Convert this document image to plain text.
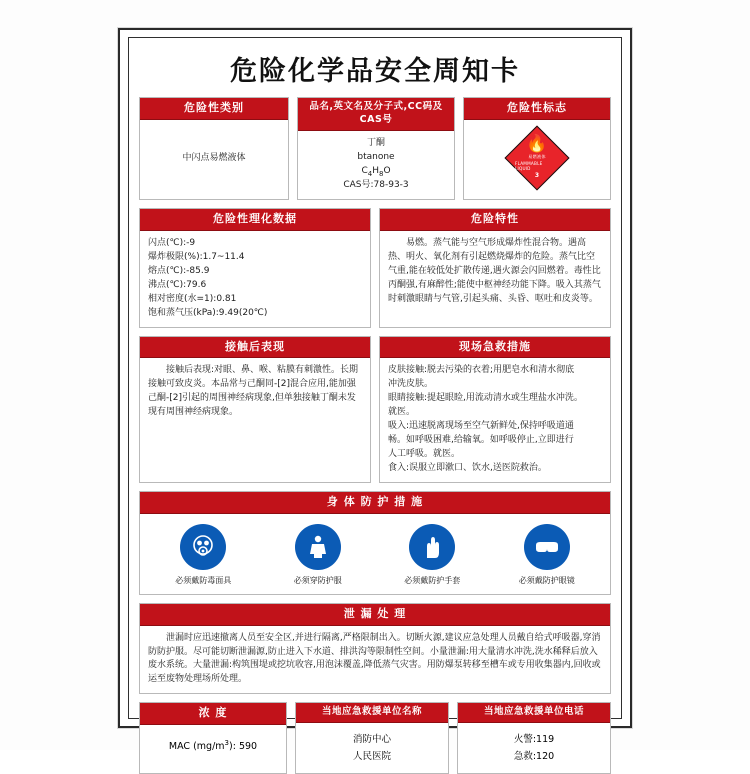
危险化学品安全周知卡
危险性类别
中闪点易燃液体
品名,英文名及分子式,CC码及CAS号
丁酮
btanone
$C_4H_8O$
CAS号:78-93-3
危险性标志
🔥
易燃液体
FLAMMABLE LIQUID
3
危险性理化数据
闪点(℃):-9
爆炸极限(%):1.7~11.4
熔点(℃):-85.9
沸点(℃):79.6
相对密度(水=1):0.81
饱和蒸气压(kPa):9.49(20℃)
危险特性
易燃。蒸气能与空气形成爆炸性混合物。遇高热、明火、氧化剂有引起燃烧爆炸的危险。蒸气比空气重,能在较低处扩散传递,遇火源会闪回燃着。毒性比丙酮强,有麻醉性;能使中枢神经功能下降。吸入其蒸气时刺激眼睛与气管,引起头痛、头昏、呕吐和皮炎等。
接触后表现
接触后表现:对眼、鼻、喉、粘膜有刺激性。长期接触可致皮炎。本品常与己酮同-[2]混合应用,能加强己酮-[2]引起的周围神经病现象,但单独接触丁酮未发现有周围神经病现象。
现场急救措施
皮肤接触:脱去污染的衣着;用肥皂水和清水彻底
冲洗皮肤。
眼睛接触:提起眼睑,用流动清水或生理盐水冲洗。
就医。
吸入:迅速脱离现场至空气新鲜处,保持呼吸道通
畅。如呼吸困难,给输氧。如呼吸停止,立即进行
人工呼吸。就医。
食入:误服立即漱口、饮水,送医院救治。
身 体 防 护 措 施
必须戴防毒面具	必须穿防护服	必须戴防护手套	必须戴防护眼镜
泄 漏 处 理
泄漏时应迅速撤离人员至安全区,并进行隔离,严格限制出入。切断火源,建议应急处理人员戴自给式呼吸器,穿消防防护服。尽可能切断泄漏源,防止进入下水道、排洪沟等限制性空间。小量泄漏:用大量清水冲洗,洗水稀释后放入废水系统。大量泄漏:构筑围堤或挖坑收容,用泡沫覆盖,降低蒸气灾害。用防爆泵转移至槽车或专用收集器内,回收或运至废物处理场所处理。
浓 度
MAC $(mg/m^3)$: 590
当地应急救援单位名称
消防中心
人民医院
当地应急救援单位电话
火警:119
急救:120
